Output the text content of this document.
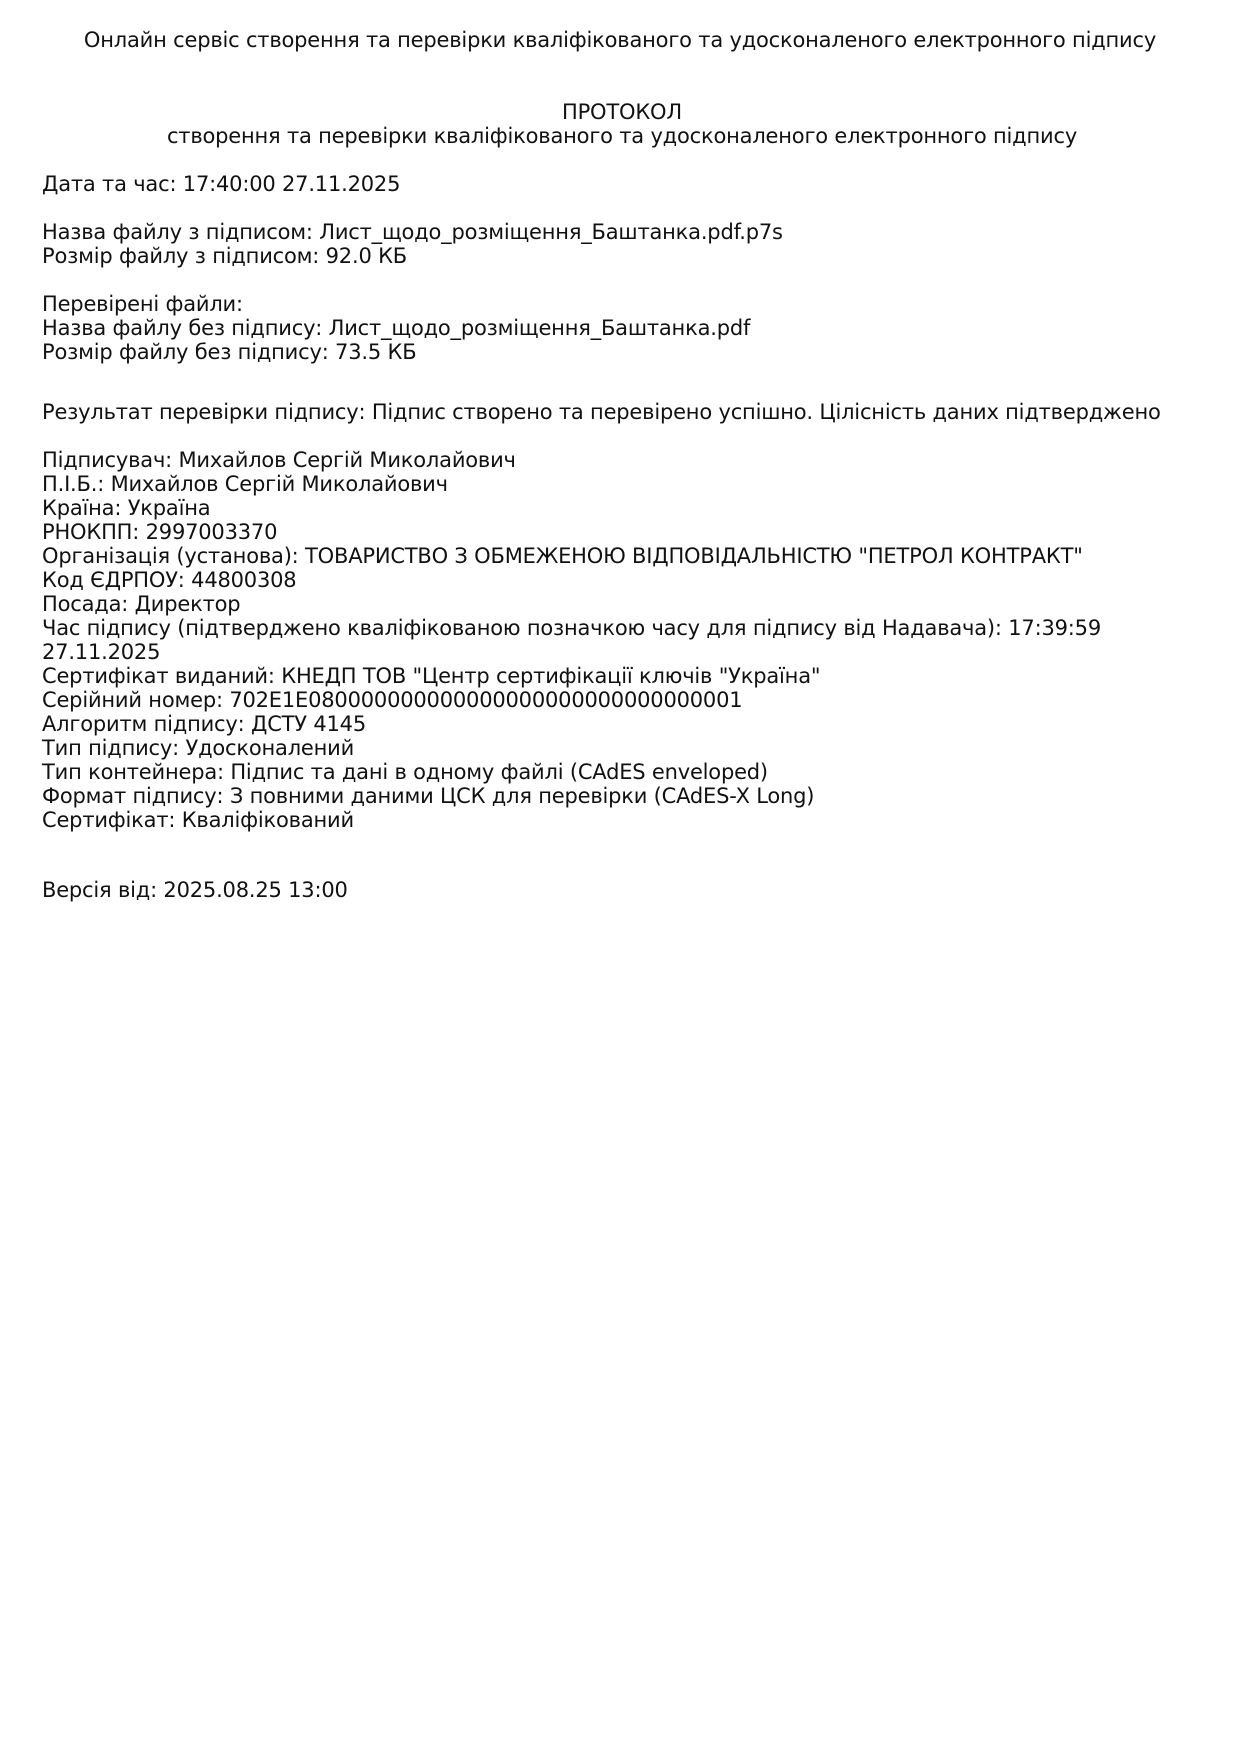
Онлайн сервіс створення та перевірки кваліфікованого та удосконаленого електронного підпису
ПРОТОКОЛ
створення та перевірки кваліфікованого та удосконаленого електронного підпису
Дата та час: 17:40:00 27.11.2025
Назва файлу з підписом: Лист_щодо_розміщення_Баштанка.pdf.p7s
Розмір файлу з підписом: 92.0 КБ
Перевірені файли:
Назва файлу без підпису: Лист_щодо_розміщення_Баштанка.pdf
Розмір файлу без підпису: 73.5 КБ
Результат перевірки підпису: Підпис створено та перевірено успішно. Цілісність даних підтверджено
Підписувач: Михайлов Сергій Миколайович
П.І.Б.: Михайлов Сергій Миколайович
Країна: Україна
РНОКПП: 2997003370
Організація (установа): ТОВАРИСТВО З ОБМЕЖЕНОЮ ВІДПОВІДАЛЬНІСТЮ "ПЕТРОЛ КОНТРАКТ"
Код ЄДРПОУ: 44800308
Посада: Директор
Час підпису (підтверджено кваліфікованою позначкою часу для підпису від Надавача): 17:39:59 27.11.2025
Сертифікат виданий: КНЕДП ТОВ "Центр сертифікації ключів "Україна"
Серійний номер: 702E1E080000000000000000000000000000001
Алгоритм підпису: ДСТУ 4145
Тип підпису: Удосконалений
Тип контейнера: Підпис та дані в одному файлі (CAdES enveloped)
Формат підпису: З повними даними ЦСК для перевірки (CAdES-X Long)
Сертифікат: Кваліфікований
Версія від: 2025.08.25 13:00
